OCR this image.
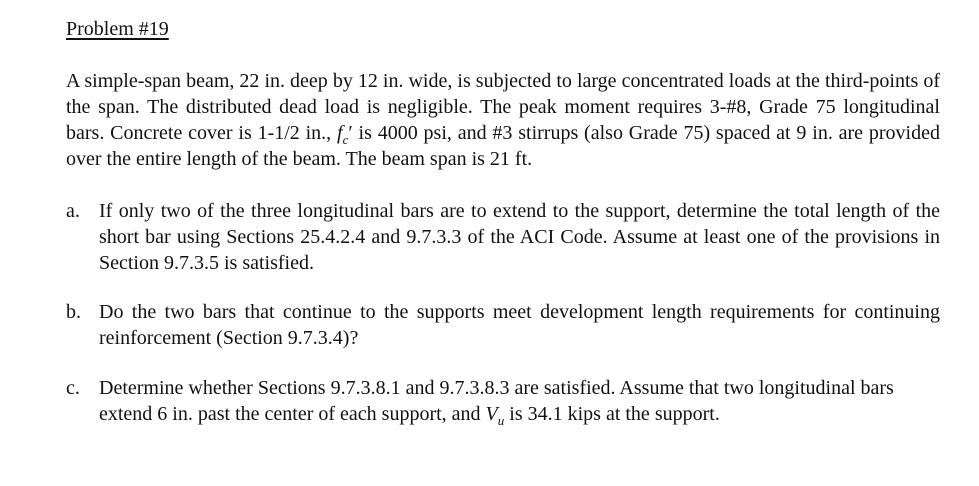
Problem #19
A simple-span beam, 22 in. deep by 12 in. wide, is subjected to large concentrated loads at the third-points of the span. The distributed dead load is negligible. The peak moment requires 3-#8, Grade 75 longitudinal bars. Concrete cover is 1-1/2 in., $f_c'$ is 4000 psi, and #3 stirrups (also Grade 75) spaced at 9 in. are provided over the entire length of the beam. The beam span is 21 ft.
a. If only two of the three longitudinal bars are to extend to the support, determine the total length of the short bar using Sections 25.4.2.4 and 9.7.3.3 of the ACI Code. Assume at least one of the provisions in Section 9.7.3.5 is satisfied.
b. Do the two bars that continue to the supports meet development length requirements for continuing reinforcement (Section 9.7.3.4)?
c. Determine whether Sections 9.7.3.8.1 and 9.7.3.8.3 are satisfied. Assume that two longitudinal bars extend 6 in. past the center of each support, and $V_u$ is 34.1 kips at the support.
